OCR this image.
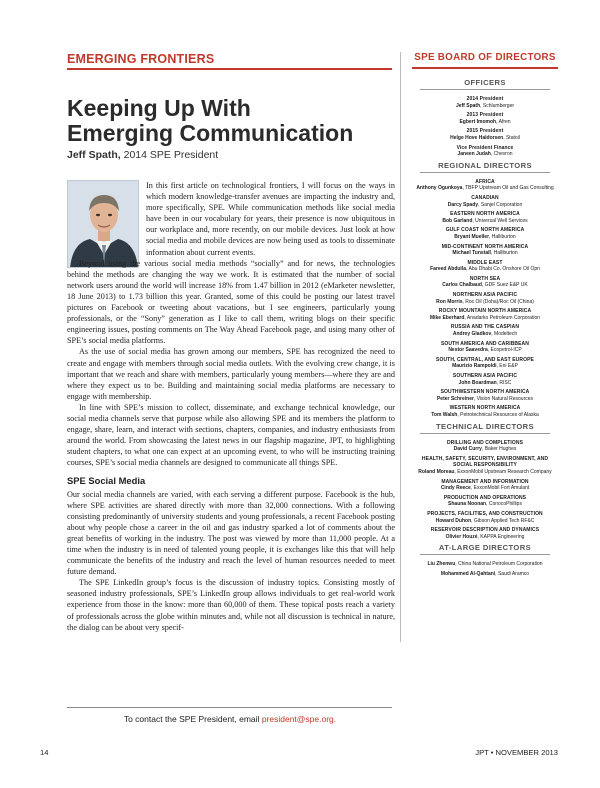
EMERGING FRONTIERS
Keeping Up With
Emerging Communication
Jeff Spath, 2014 SPE President

In this first article on technological frontiers, I will focus on the ways in which modern knowledge-transfer avenues are impacting the industry and, more specifically, SPE. While communication methods like social media have been in our vocabulary for years, their presence is now ubiquitous in our workplace and, more recently, on our mobile devices. Just look at how social media and mobile devices are now being used as tools to disseminate information about current events.

Beyond using the various social media methods “socially” and for news, the technologies behind the methods are changing the way we work. It is estimated that the number of social network users around the world will increase 18% from 1.47 billion in 2012 (eMarketer newsletter, 18 June 2013) to 1.73 billion this year. Granted, some of this could be posting our latest travel pictures on Facebook or tweeting about vacations, but I see engineers, particularly young professionals, or the “Sony” generation as I like to call them, writing blogs on their specific engineering issues, posting comments on The Way Ahead Facebook page, and using many other of SPE’s social media platforms.

As the use of social media has grown among our members, SPE has recognized the need to create and engage with members through social media outlets. With the evolving crew change, it is important that we reach and share with members, particularly young members—where they are and where they expect us to be. Building and maintaining social media platforms are necessary to engage with membership.

In line with SPE’s mission to collect, disseminate, and exchange technical knowledge, our social media channels serve that purpose while also allowing SPE and its members the platform to engage, share, learn, and interact with sections, chapters, companies, and industry enthusiasts from around the world. From showcasing the latest news in our flagship magazine, JPT, to highlighting student chapters, to what one can expect at an upcoming event, to who will be instructing training courses, SPE’s social media channels are designed to communicate all things SPE.

SPE Social Media

Our social media channels are varied, with each serving a different purpose. Facebook is the hub, where SPE activities are shared directly with more than 32,000 connections. With a following consisting predominantly of university students and young professionals, a recent Facebook posting about why people chose a career in the oil and gas industry sparked a lot of comments about the great benefits of working in the industry. The post was viewed by more than 11,000 people. At a time when the industry is in need of talented young people, it is exchanges like this that will help communicate the benefits of the industry and reach the level of human resources needed to meet future demand.

The SPE LinkedIn group’s focus is the discussion of industry topics. Consisting mostly of seasoned industry professionals, SPE’s LinkedIn group allows individuals to get real-world work experience from those in the know: more than 60,000 of them. These topical posts reach a variety of professionals across the globe within minutes and, while not all discussion is technical in nature, the dialog can be about very specif-

To contact the SPE President, email president@spe.org.
SPE BOARD OF DIRECTORS
OFFICERS
2014 President
Jeff Spath, Schlumberger
2013 President
Egbert Imomoh, Afren
2015 President
Helge Hove Haldorsen, Statoil
Vice President Finance
Janeen Judah, Chevron
REGIONAL DIRECTORS
AFRICA
Anthony Ogunkoya, TBFP Upstream Oil and Gas Consulting
CANADIAN
Darcy Spady, Sanjel Corporation
EASTERN NORTH AMERICA
Bob Garland, Universal Well Services
GULF COAST NORTH AMERICA
Bryant Mueller, Halliburton
MID-CONTINENT NORTH AMERICA
Michael Tunstall, Halliburton
MIDDLE EAST
Fareed Abdulla, Abu Dhabi Co. Onshore Oil Opn
NORTH SEA
Carlos Chalbaud, GDF Suez E&P UK
NORTHERN ASIA PACIFIC
Ron Morris, Roc Oil (Doha)/Roc Oil (China)
ROCKY MOUNTAIN NORTH AMERICA
Mike Eberhard, Anadarko Petroleum Corporation
RUSSIA AND THE CASPIAN
Andrey Gladkov, Modeltech
SOUTH AMERICA AND CARIBBEAN
Nestor Saavedra, Ecopetrol-ICP
SOUTH, CENTRAL, AND EAST EUROPE
Maurizio Rampoldi, Eni E&P
SOUTHERN ASIA PACIFIC
John Boardman, RISC
SOUTHWESTERN NORTH AMERICA
Peter Schreiner, Vision Natural Resources
WESTERN NORTH AMERICA
Tom Walsh, Petrotechnical Resources of Alaska
TECHNICAL DIRECTORS
DRILLING AND COMPLETIONS
David Curry, Baker Hughes
HEALTH, SAFETY, SECURITY, ENVIRONMENT, AND SOCIAL RESPONSIBILITY
Roland Moreau, ExxonMobil Upstream Research Company
MANAGEMENT AND INFORMATION
Cindy Reece, ExxonMobil Fort Amulant
PRODUCTION AND OPERATIONS
Shauna Noonan, ConocoPhillips
PROJECTS, FACILITIES, AND CONSTRUCTION
Howard Duhon, Gibson Applied Tech RF&C
RESERVOIR DESCRIPTION AND DYNAMICS
Olivier Houzé, KAPPA Engineering
AT-LARGE DIRECTORS
Liu Zhenwu, China National Petroleum Corporation
Mohammed Al-Qahtani, Saudi Aramco
14	JPT • NOVEMBER 2013
